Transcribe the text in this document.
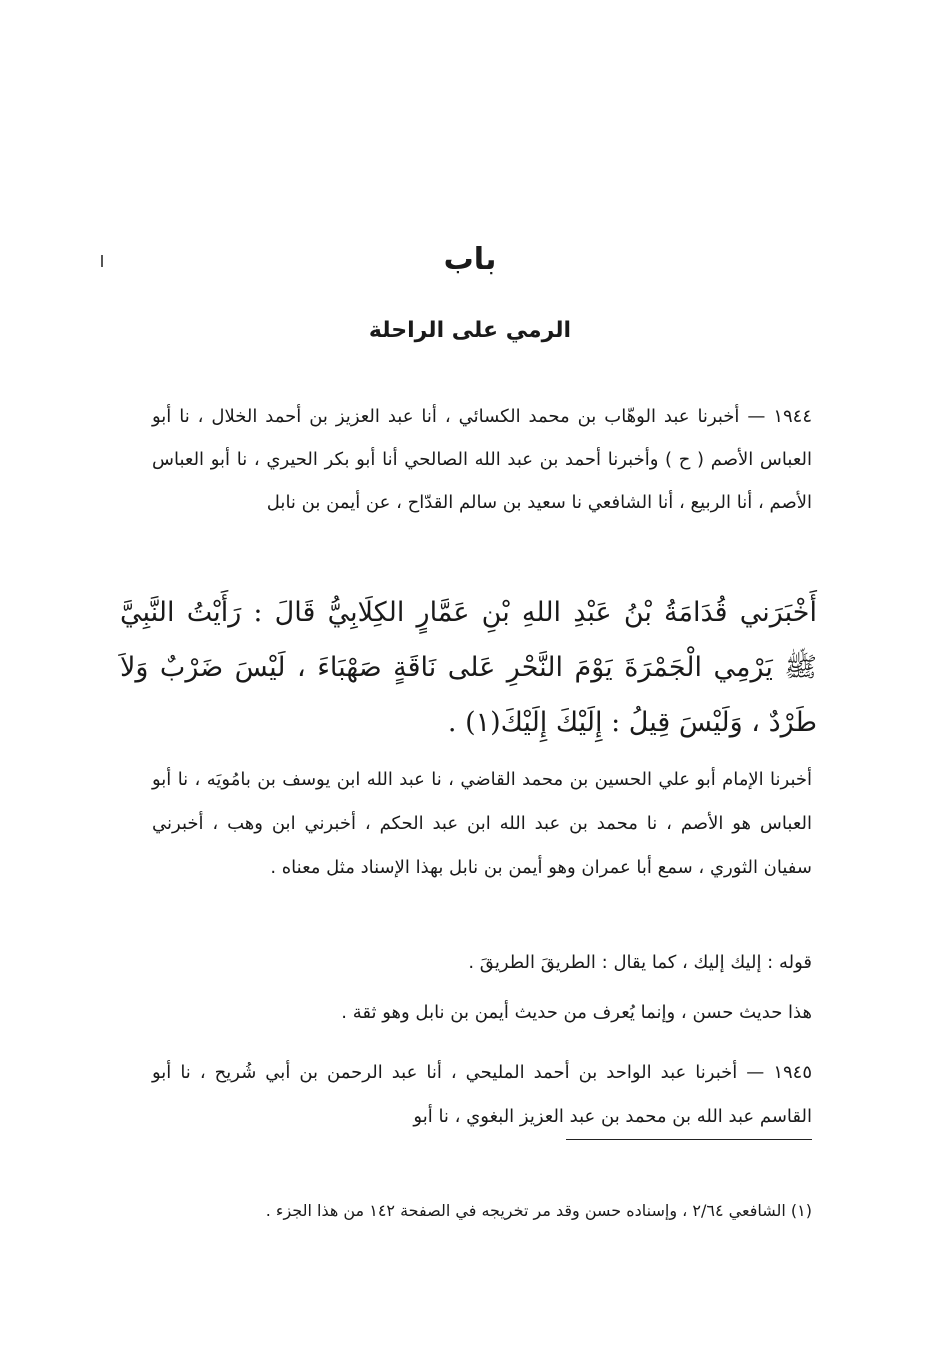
باب
الرمي على الراحلة

١٩٤٤ — أخبرنا عبد الوهّاب بن محمد الكسائي ، أنا عبد العزيز بن أحمد الخلال ، نا أبو العباس الأصم ( ح ) وأخبرنا أحمد بن عبد الله الصالحي أنا أبو بكر الحيري ، نا أبو العباس الأصم ، أنا الربيع ، أنا الشافعي نا سعيد بن سالم القدّاح ، عن أيمن بن نابل

أَخْبَرَني قُدَامَةُ بْنُ عَبْدِ اللهِ بْنِ عَمَّارٍ الكِلَابِيُّ قَالَ : رَأَيْتُ النَّبِيَّ ﷺ يَرْمِي الْجَمْرَةَ يَوْمَ النَّحْرِ عَلى نَاقَةٍ صَهْبَاءَ ، لَيْسَ ضَرْبٌ وَلاَ طَرْدٌ ، وَلَيْسَ قِيلُ : إِلَيْكَ إِلَيْكَ(١) .

أخبرنا الإمام أبو علي الحسين بن محمد القاضي ، نا عبد الله ابن يوسف بن بامُويَه ، نا أبو العباس هو الأصم ، نا محمد بن عبد الله ابن عبد الحكم ، أخبرني ابن وهب ، أخبرني سفيان الثوري ، سمع أبا عمران وهو أيمن بن نابل بهذا الإسناد مثل معناه .

قوله : إليك إليك ، كما يقال : الطريقَ الطريقَ .

هذا حديث حسن ، وإنما يُعرف من حديث أيمن بن نابل وهو ثقة .

١٩٤٥ — أخبرنا عبد الواحد بن أحمد المليحي ، أنا عبد الرحمن بن أبي شُريح ، نا أبو القاسم عبد الله بن محمد بن عبد العزيز البغوي ، نا أبو

(١) الشافعي ٢/٦٤ ، وإسناده حسن وقد مر تخريجه في الصفحة ١٤٢ من هذا الجزء .
